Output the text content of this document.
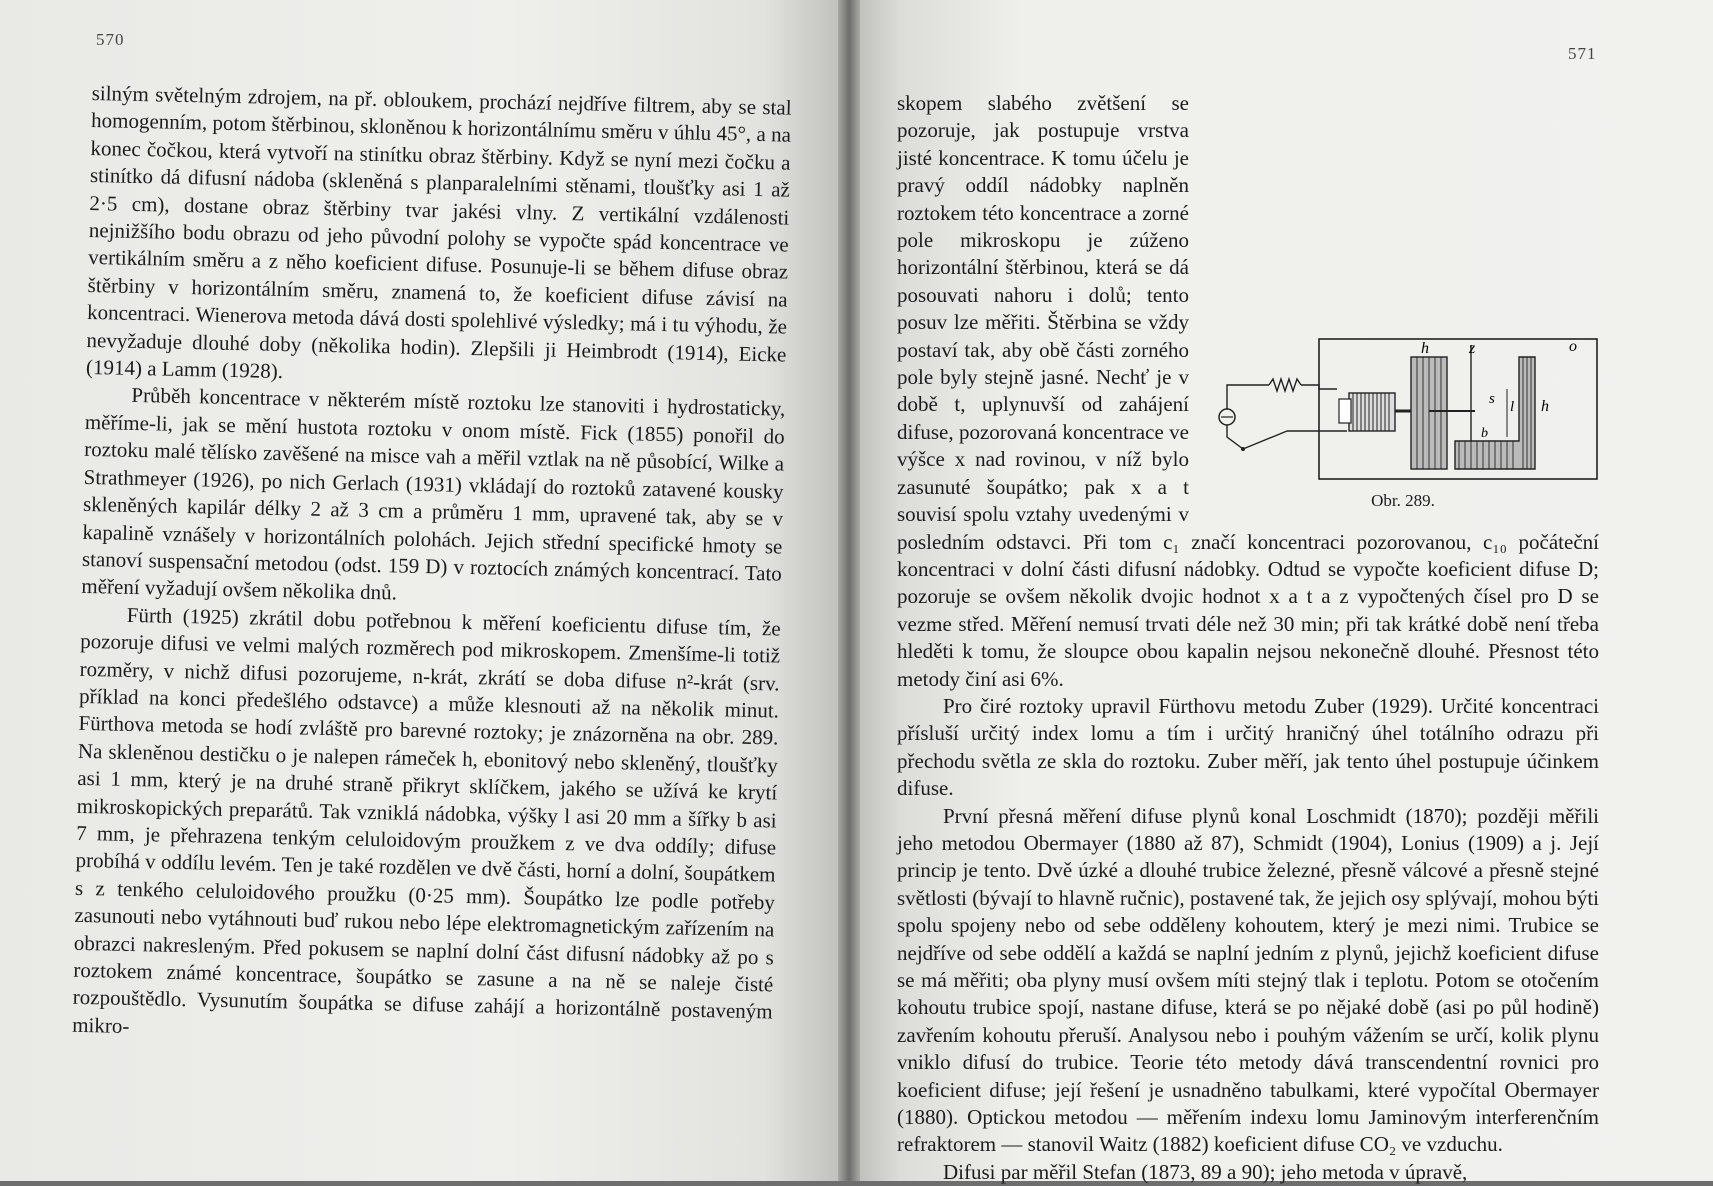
570

silným světelným zdrojem, na př. obloukem, prochází nejdříve filtrem, aby se stal homogenním, potom štěrbinou, skloněnou k horizontálnímu směru v úhlu 45°, a na konec čočkou, která vytvoří na stinítku obraz štěrbiny. Když se nyní mezi čočku a stinítko dá difusní nádoba (skleněná s planparalelními stěnami, tloušťky asi 1 až 2·5 cm), dostane obraz štěrbiny tvar jakési vlny. Z vertikální vzdálenosti nejnižšího bodu obrazu od jeho původní polohy se vypočte spád koncentrace ve vertikálním směru a z něho koeficient difuse. Posunuje-li se během difuse obraz štěrbiny v horizontálním směru, znamená to, že koeficient difuse závisí na koncentraci. Wienerova metoda dává dosti spolehlivé výsledky; má i tu výhodu, že nevyžaduje dlouhé doby (několika hodin). Zlepšili ji Heimbrodt (1914), Eicke (1914) a Lamm (1928).

Průběh koncentrace v některém místě roztoku lze stanoviti i hydrostaticky, měříme-li, jak se mění hustota roztoku v onom místě. Fick (1855) ponořil do roztoku malé tělísko zavěšené na misce vah a měřil vztlak na ně působící, Wilke a Strathmeyer (1926), po nich Gerlach (1931) vkládají do roztoků zatavené kousky skleněných kapilár délky 2 až 3 cm a průměru 1 mm, upravené tak, aby se v kapalině vznášely v horizontálních polohách. Jejich střední specifické hmoty se stanoví suspensační metodou (odst. 159 D) v roztocích známých koncentrací. Tato měření vyžadují ovšem několika dnů.

Fürth (1925) zkrátil dobu potřebnou k měření koeficientu difuse tím, že pozoruje difusi ve velmi malých rozměrech pod mikroskopem. Zmenšíme-li totiž rozměry, v nichž difusi pozorujeme, n-krát, zkrátí se doba difuse n²-krát (srv. příklad na konci předešlého odstavce) a může klesnouti až na několik minut. Fürthova metoda se hodí zvláště pro barevné roztoky; je znázorněna na obr. 289. Na skleněnou destičku o je nalepen rámeček h, ebonitový nebo skleněný, tloušťky asi 1 mm, který je na druhé straně přikryt sklíčkem, jakého se užívá ke krytí mikroskopických preparátů. Tak vzniklá nádobka, výšky l asi 20 mm a šířky b asi 7 mm, je přehrazena tenkým celuloidovým proužkem z ve dva oddíly; difuse probíhá v oddílu levém. Ten je také rozdělen ve dvě části, horní a dolní, šoupátkem s z tenkého celuloidového proužku (0·25 mm). Šoupátko lze podle potřeby zasunouti nebo vytáhnouti buď rukou nebo lépe elektromagnetickým zařízením na obrazci nakresleným. Před pokusem se naplní dolní část difusní nádobky až po s roztokem známé koncentrace, šoupátko se zasune a na ně se naleje čisté rozpouštědlo. Vysunutím šoupátka se difuse zahájí a horizontálně postaveným mikro-

571
h	z	o
s l h
b
Obr. 289.

skopem slabého zvětšení se pozoruje, jak postupuje vrstva jisté koncentrace. K tomu účelu je pravý oddíl nádobky naplněn roztokem této koncentrace a zorné pole mikroskopu je zúženo horizontální štěrbinou, která se dá posouvati nahoru i dolů; tento posuv lze měřiti. Štěrbina se vždy postaví tak, aby obě části zorného pole byly stejně jasné. Nechť je v době t, uplynuvší od zahájení difuse, pozorovaná koncentrace ve výšce x nad rovinou, v níž bylo zasunuté šoupátko; pak x a t souvisí spolu vztahy uvedenými v posledním odstavci. Při tom c₁ značí koncentraci pozorovanou, c₁₀ počáteční koncentraci v dolní části difusní nádobky. Odtud se vypočte koeficient difuse D; pozoruje se ovšem několik dvojic hodnot x a t a z vypočtených čísel pro D se vezme střed. Měření nemusí trvati déle než 30 min; při tak krátké době není třeba hleděti k tomu, že sloupce obou kapalin nejsou nekonečně dlouhé. Přesnost této metody činí asi 6%.

Pro čiré roztoky upravil Fürthovu metodu Zuber (1929). Určité koncentraci přísluší určitý index lomu a tím i určitý hraničný úhel totálního odrazu při přechodu světla ze skla do roztoku. Zuber měří, jak tento úhel postupuje účinkem difuse.

První přesná měření difuse plynů konal Loschmidt (1870); později měřili jeho metodou Obermayer (1880 až 87), Schmidt (1904), Lonius (1909) a j. Její princip je tento. Dvě úzké a dlouhé trubice železné, přesně válcové a přesně stejné světlosti (bývají to hlavně ručnic), postavené tak, že jejich osy splývají, mohou býti spolu spojeny nebo od sebe odděleny kohoutem, který je mezi nimi. Trubice se nejdříve od sebe oddělí a každá se naplní jedním z plynů, jejichž koeficient difuse se má měřiti; oba plyny musí ovšem míti stejný tlak i teplotu. Potom se otočením kohoutu trubice spojí, nastane difuse, která se po nějaké době (asi po půl hodině) zavřením kohoutu přeruší. Analysou nebo i pouhým vážením se určí, kolik plynu vniklo difusí do trubice. Teorie této metody dává transcendentní rovnici pro koeficient difuse; její řešení je usnadněno tabulkami, které vypočítal Obermayer (1880). Optickou metodou — měřením indexu lomu Jaminovým interferenčním refraktorem — stanovil Waitz (1882) koeficient difuse CO₂ ve vzduchu.

Difusi par měřil Stefan (1873, 89 a 90); jeho metoda v úpravě,
